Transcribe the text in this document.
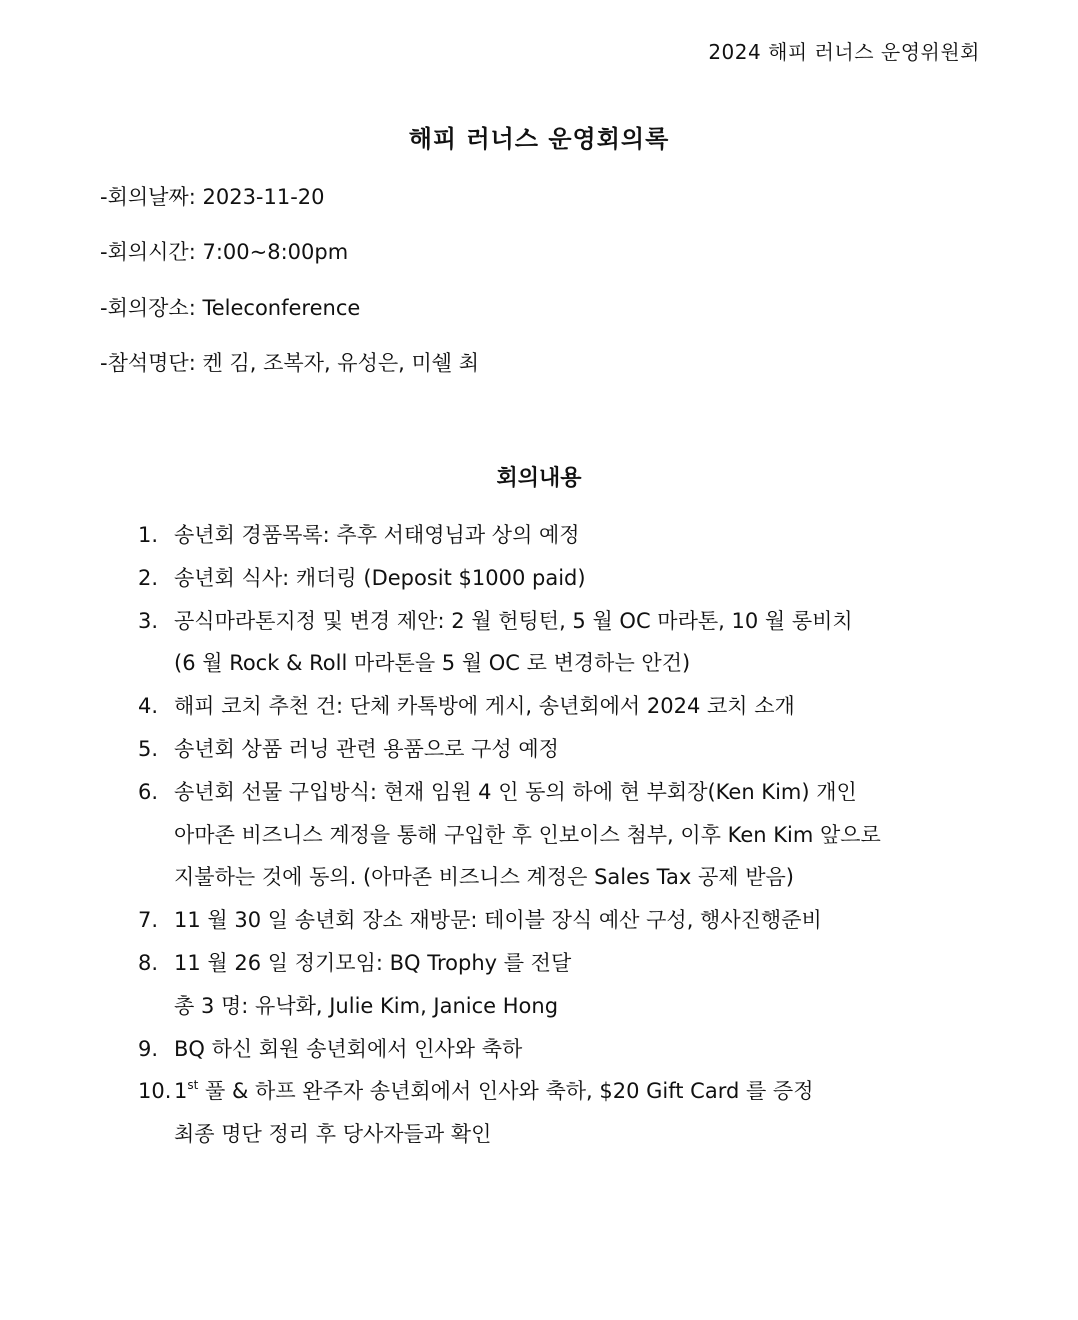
2024 해피 러너스 운영위원회
해피 러너스 운영회의록
-회의날짜: 2023-11-20
-회의시간: 7:00~8:00pm
-회의장소: Teleconference
-참석명단: 켄 김, 조복자, 유성은, 미쉘 최
회의내용
1. 송년회 경품목록: 추후 서태영님과 상의 예정
2. 송년회 식사: 캐더링 (Deposit $1000 paid)
3. 공식마라톤지정 및 변경 제안: 2 월 헌팅턴, 5 월 OC 마라톤, 10 월 롱비치
(6 월 Rock & Roll 마라톤을 5 월 OC 로 변경하는 안건)
4. 해피 코치 추천 건: 단체 카톡방에 게시, 송년회에서 2024 코치 소개
5. 송년회 상품 러닝 관련 용품으로 구성 예정
6. 송년회 선물 구입방식: 현재 임원 4 인 동의 하에 현 부회장(Ken Kim) 개인
아마존 비즈니스 계정을 통해 구입한 후 인보이스 첨부, 이후 Ken Kim 앞으로
지불하는 것에 동의. (아마존 비즈니스 계정은 Sales Tax 공제 받음)
7. 11 월 30 일 송년회 장소 재방문: 테이블 장식 예산 구성, 행사진행준비
8. 11 월 26 일 정기모임: BQ Trophy 를 전달
총 3 명: 유낙화, Julie Kim, Janice Hong
9. BQ 하신 회원 송년회에서 인사와 축하
10. 1st 풀 & 하프 완주자 송년회에서 인사와 축하, $20 Gift Card 를 증정
최종 명단 정리 후 당사자들과 확인
